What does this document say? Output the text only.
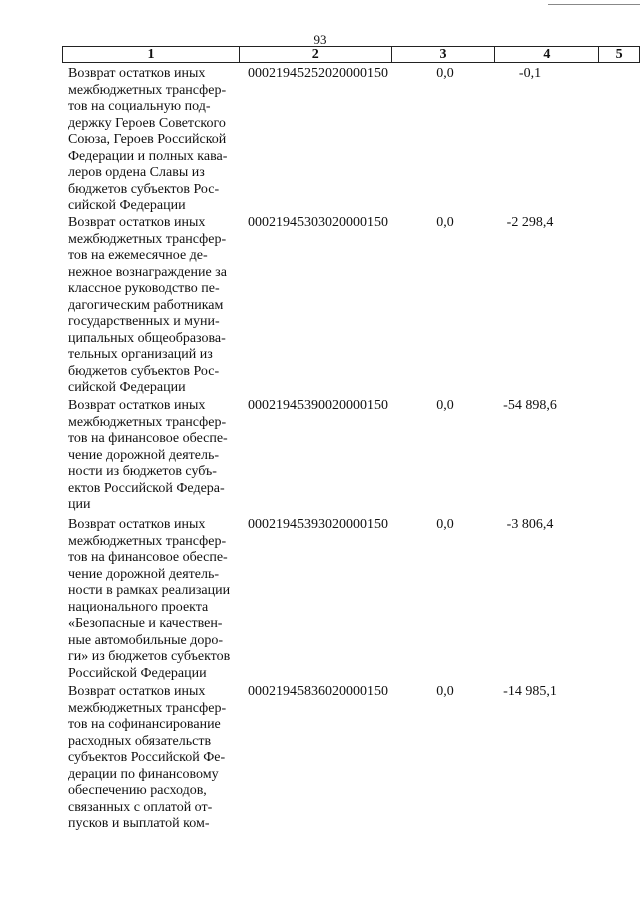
93
1	2	3	4	5
Возврат остатков иных
межбюджетных трансфер-
тов на социальную под-
держку Героев Советского
Союза, Героев Российской
Федерации и полных кава-
леров ордена Славы из
бюджетов субъектов Рос-
сийской Федерации
00021945252020000150	0,0	-0,1
Возврат остатков иных
межбюджетных трансфер-
тов на ежемесячное де-
нежное вознаграждение за
классное руководство пе-
дагогическим работникам
государственных и муни-
ципальных общеобразова-
тельных организаций из
бюджетов субъектов Рос-
сийской Федерации
00021945303020000150	0,0	-2 298,4
Возврат остатков иных
межбюджетных трансфер-
тов на финансовое обеспе-
чение дорожной деятель-
ности из бюджетов субъ-
ектов Российской Федера-
ции
00021945390020000150	0,0	-54 898,6
Возврат остатков иных
межбюджетных трансфер-
тов на финансовое обеспе-
чение дорожной деятель-
ности в рамках реализации
национального проекта
«Безопасные и качествен-
ные автомобильные доро-
ги» из бюджетов субъектов
Российской Федерации
00021945393020000150	0,0	-3 806,4
Возврат остатков иных
межбюджетных трансфер-
тов на софинансирование
расходных обязательств
субъектов Российской Фе-
дерации по финансовому
обеспечению расходов,
связанных с оплатой от-
пусков и выплатой ком-
00021945836020000150	0,0	-14 985,1
